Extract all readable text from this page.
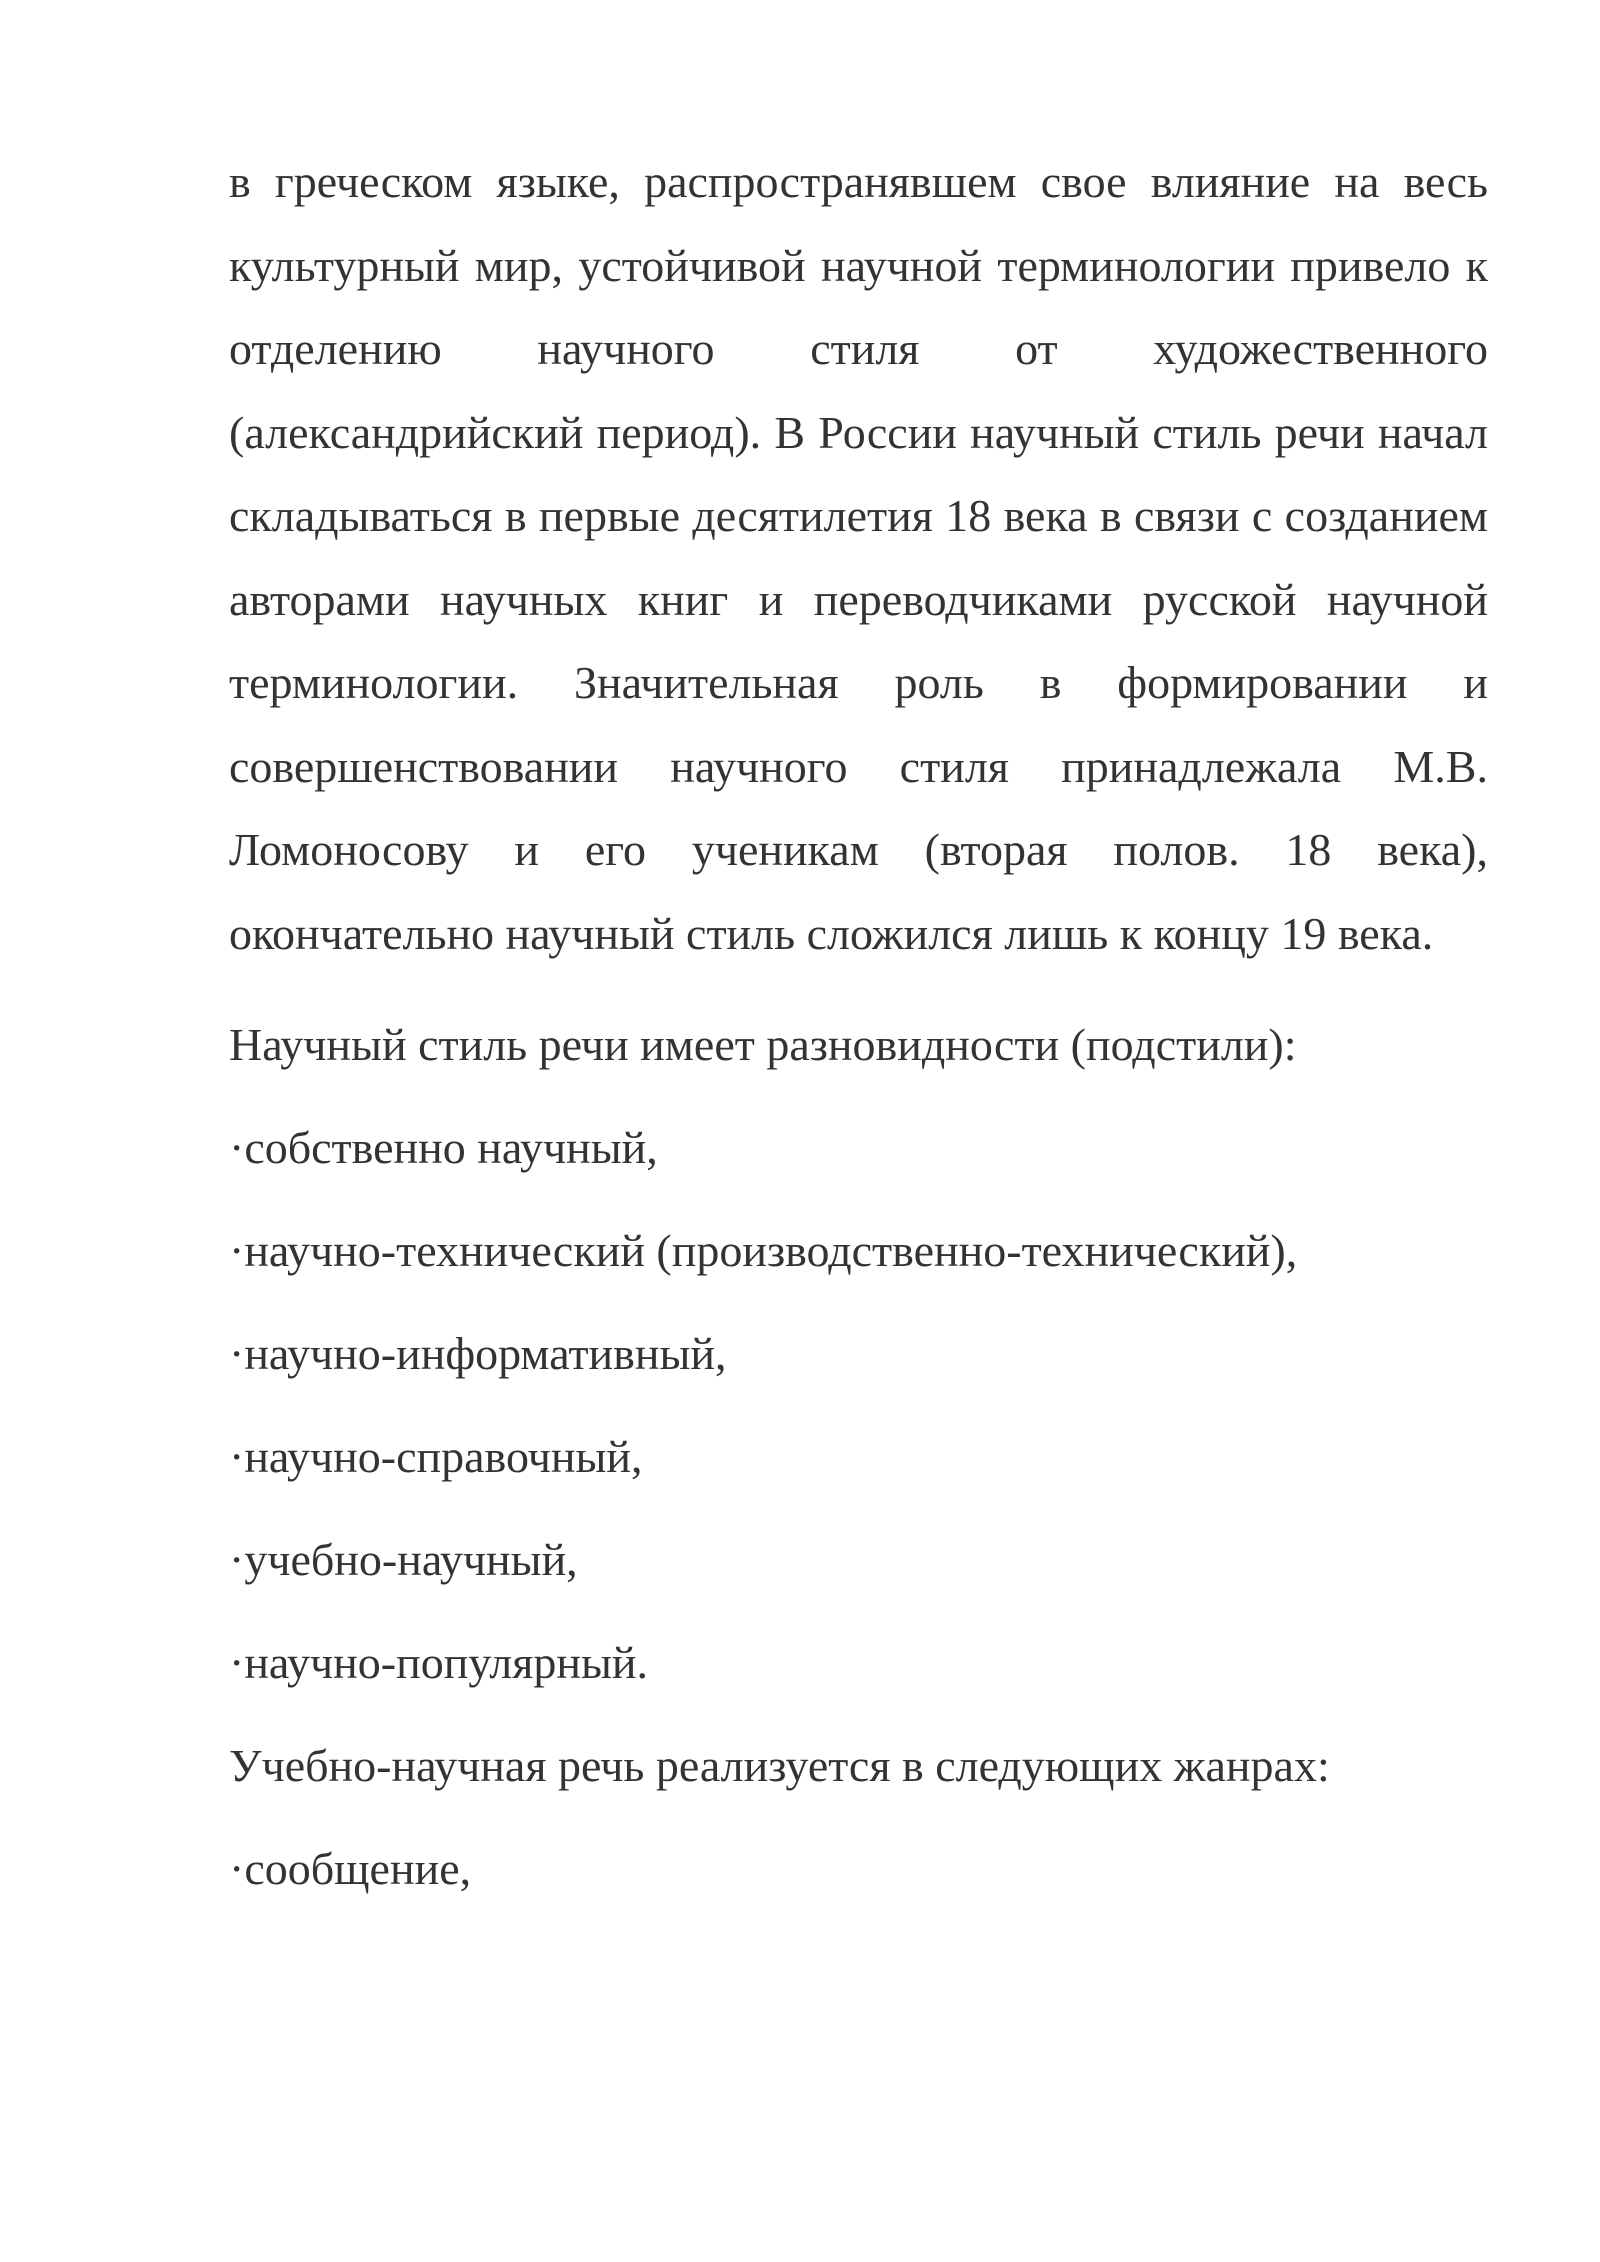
в греческом языке, распространявшем свое влияние на весь культурный мир, устойчивой научной терминологии привело к отделению научного стиля от художественного (александрийский период). В России научный стиль речи начал складываться в первые десятилетия 18 века в связи с созданием авторами научных книг и переводчиками русской научной терминологии. Значительная роль в формировании и совершенствовании научного стиля принадлежала М.В. Ломоносову и его ученикам (вторая полов. 18 века), окончательно научный стиль сложился лишь к концу 19 века.

Научный стиль речи имеет разновидности (подстили):

·собственно научный,

·научно-технический (производственно-технический),

·научно-информативный,

·научно-справочный,

·учебно-научный,

·научно-популярный.

Учебно-научная речь реализуется в следующих жанрах:

·сообщение,
